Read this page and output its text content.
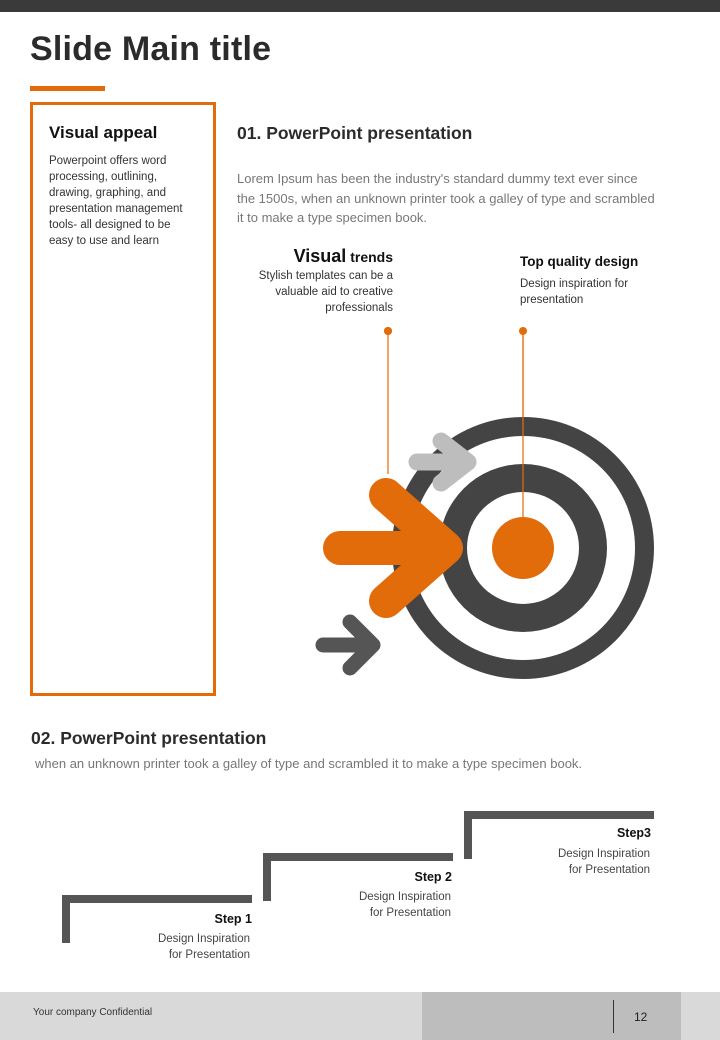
Slide Main title
Visual appeal
Powerpoint offers word processing, outlining, drawing, graphing, and presentation management tools- all designed to be easy to use and learn
01. PowerPoint presentation
Lorem Ipsum has been the industry's standard dummy text ever since the 1500s, when an unknown printer took a galley of type and scrambled it to make a type specimen book.
Visual trends
Stylish templates can be a valuable aid to creative professionals
Top quality design
Design inspiration for presentation
02. PowerPoint presentation
when an unknown printer took a galley of type and scrambled it to make a type specimen book.
Step 1
Design Inspiration
for Presentation
Step 2
Design Inspiration
for Presentation
Step3
Design Inspiration
for Presentation
Your company Confidential	12
